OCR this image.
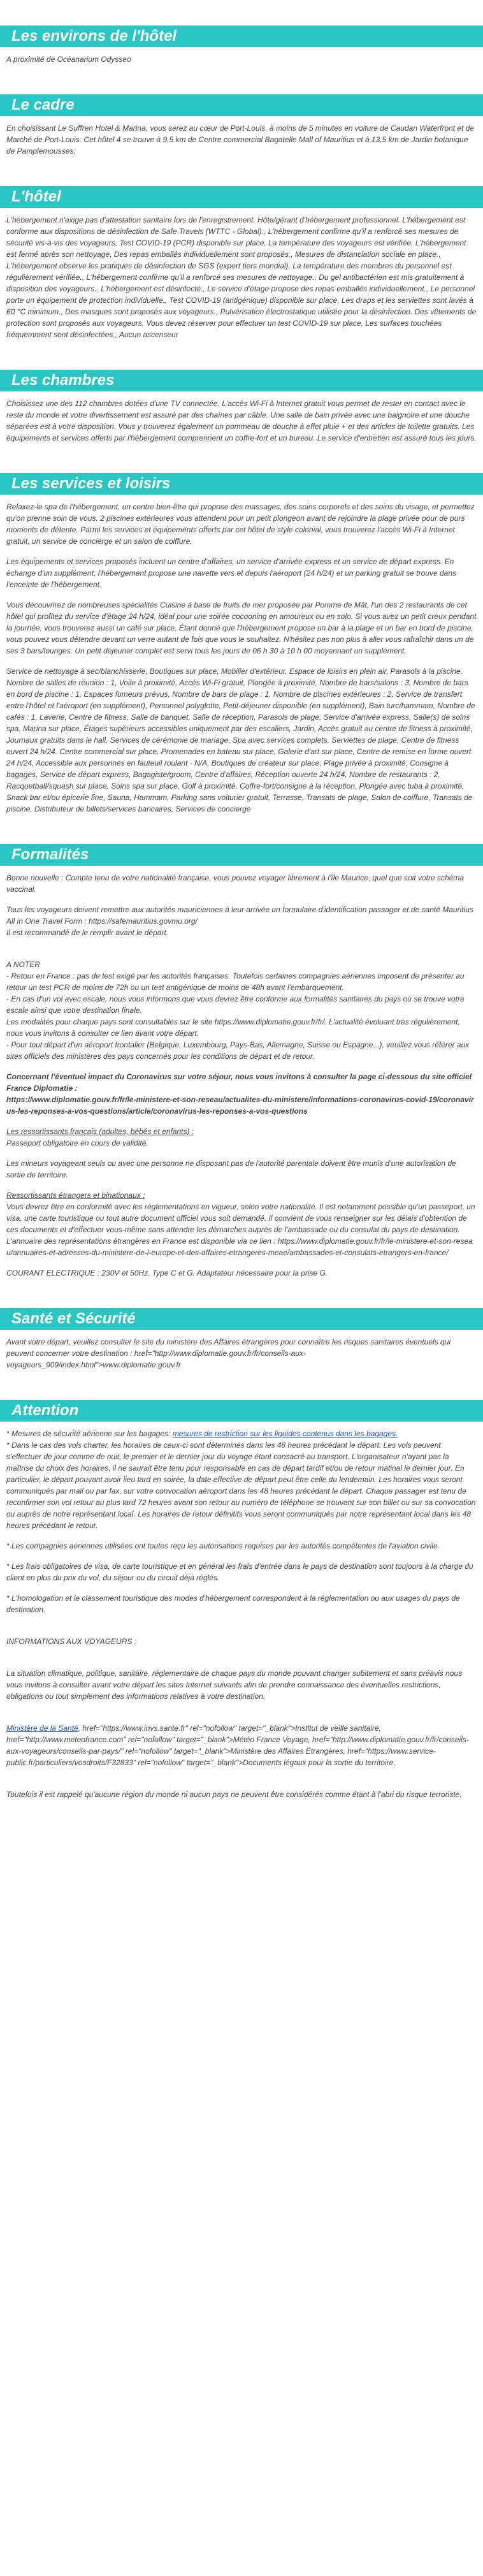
Les environs de l'hôtel
A proximité de Océanarium Odysseo
Le cadre
En choisissant Le Suffren Hotel & Marina, vous serez au cœur de Port-Louis, à moins de 5 minutes en voiture de Caudan Waterfront et de Marché de Port-Louis. Cet hôtel 4 se trouve à 9,5 km de Centre commercial Bagatelle Mall of Mauritius et à 13,5 km de Jardin botanique de Pamplemousses.
L'hôtel
L'hébergement n'exige pas d'attestation sanitaire lors de l'enregistrement. Hôte/gérant d'hébergement professionnel. L'hébergement est conforme aux dispositions de désinfection de Safe Travels (WTTC - Global)., L'hébergement confirme qu'il a renforcé ses mesures de sécurité vis-à-vis des voyageurs, Test COVID-19 (PCR) disponible sur place, La température des voyageurs est vérifiée, L'hébergement est fermé après son nettoyage, Des repas emballés individuellement sont proposés., Mesures de distanciation sociale en place., L'hébergement observe les pratiques de désinfection de SGS (expert tiers mondial). La température des membres du personnel est régulièrement vérifiée., L'hébergement confirme qu'il a renforcé ses mesures de nettoyage., Du gel antibactérien est mis gratuitement à disposition des voyageurs., L'hébergement est désinfecté., Le service d'étage propose des repas emballés individuellement., Le personnel porte un équipement de protection individuelle., Test COVID-19 (antigénique) disponible sur place, Les draps et les serviettes sont lavés à 60 °C minimum., Des masques sont proposés aux voyageurs., Pulvérisation électrostatique utilisée pour la désinfection. Des vêtements de protection sont proposés aux voyageurs, Vous devez réserver pour effectuer un test COVID-19 sur place, Les surfaces touchées fréquemment sont désinfectées., Aucun ascenseur
Les chambres
Choisissez une des 112 chambres dotées d'une TV connectée. L'accès Wi-Fi à Internet gratuit vous permet de rester en contact avec le reste du monde et votre divertissement est assuré par des chaînes par câble. Une salle de bain privée avec une baignoire et une douche séparées est à votre disposition. Vous y trouverez également un pommeau de douche à effet pluie + et des articles de toilette gratuits. Les équipements et services offerts par l'hébergement comprennent un coffre-fort et un bureau. Le service d'entretien est assuré tous les jours.
Les services et loisirs
Relaxez-le spa de l'hébergement, un centre bien-être qui propose des massages, des soins corporels et des soins du visage, et permettez qu'on prenne soin de vous. 2 piscines extérieures vous attendent pour un petit plongeon avant de rejoindre la plage privée pour de purs moments de détente. Parmi les services et équipements offerts par cet hôtel de style colonial, vous trouverez l'accès Wi-Fi à Internet gratuit, un service de concierge et un salon de coiffure.
Les équipements et services proposés incluent un centre d'affaires, un service d'arrivée express et un service de départ express. En échange d'un supplément, l'hébergement propose une navette vers et depuis l'aéroport (24 h/24) et un parking gratuit se trouve dans l'enceinte de l'hébergement.
Vous découvrirez de nombreuses spécialités Cuisine à base de fruits de mer proposée par Pomme de Mât, l'un des 2 restaurants de cet hôtel qui profitez du service d'étage 24 h/24, idéal pour une soirée cocooning en amoureux ou en solo. Si vous avez un petit creux pendant la journée, vous trouverez aussi un café sur place. Étant donné que l'hébergement propose un bar à la plage et un bar en bord de piscine, vous pouvez vous détendre devant un verre autant de fois que vous le souhaitez. N'hésitez pas non plus à aller vous rafraîchir dans un de ses 3 bars/lounges. Un petit déjeuner complet est servi tous les jours de 06 h 30 à 10 h 00 moyennant un supplément.
Service de nettoyage à sec/blanchisserie, Boutiques sur place, Mobilier d'extérieur, Espace de loisirs en plein air, Parasols à la piscine, Nombre de salles de réunion : 1, Voile à proximité, Accès Wi-Fi gratuit, Plongée à proximité, Nombre de bars/salons : 3, Nombre de bars en bord de piscine : 1, Espaces fumeurs prévus, Nombre de bars de plage : 1, Nombre de piscines extérieures : 2, Service de transfert entre l'hôtel et l'aéroport (en supplément), Personnel polyglotte, Petit-déjeuner disponible (en supplément), Bain turc/hammam, Nombre de cafés : 1, Laverie, Centre de fitness, Salle de banquet, Salle de réception, Parasols de plage, Service d'arrivée express, Salle(s) de soins spa, Marina sur place, Étages supérieurs accessibles uniquement par des escaliers, Jardin, Accès gratuit au centre de fitness à proximité, Journaux gratuits dans le hall, Services de cérémonie de mariage, Spa avec services complets, Serviettes de plage, Centre de fitness ouvert 24 h/24. Centre commercial sur place, Promenades en bateau sur place, Galerie d'art sur place, Centre de remise en forme ouvert 24 h/24, Accessible aux personnes en fauteuil roulant - N/A, Boutiques de créateur sur place, Plage privée à proximité, Consigne à bagages, Service de départ express, Bagagiste/groom, Centre d'affaires, Réception ouverte 24 h/24, Nombre de restaurants : 2, Racquetball/squash sur place, Soins spa sur place, Golf à proximité, Coffre-fort/consigne à la réception, Plongée avec tuba à proximité, Snack bar et/ou épicerie fine, Sauna, Hammam, Parking sans voiturier gratuit, Terrasse, Transats de plage, Salon de coiffure, Transats de piscine, Distributeur de billets/services bancaires, Services de concierge
Formalités
Bonne nouvelle : Compte tenu de votre nationalité française, vous pouvez voyager librement à l'île Maurice, quel que soit votre schéma vaccinal.
Tous les voyageurs doivent remettre aux autorités mauriciennes à leur arrivée un formulaire d'identification passager et de santé Mauritius All in One Travel Form : https://safemauritius.govmu.org/
Il est recommandé de le remplir avant le départ.
A NOTER
- Retour en France : pas de test exigé par les autorités françaises. Toutefois certaines compagnies aériennes imposent de présenter au retour un test PCR de moins de 72h ou un test antigénique de moins de 48h avant l'embarquement.
- En cas d'un vol avec escale, nous vous informons que vous devrez être conforme aux formalités sanitaires du pays où se trouve votre escale ainsi que votre destination finale.
Les modalités pour chaque pays sont consultables sur le site https://www.diplomatie.gouv.fr/fr/. L'actualité évoluant très régulièrement, nous vous invitons à consulter ce lien avant votre départ.
- Pour tout départ d'un aéroport frontalier (Belgique, Luxembourg, Pays-Bas, Allemagne, Suisse ou Espagne...), veuillez vous référer aux sites officiels des ministères des pays concernés pour les conditions de départ et de retour.
Concernant l'éventuel impact du Coronavirus sur votre séjour, nous vous invitons à consulter la page ci-dessous du site officiel France Diplomatie :
https://www.diplomatie.gouv.fr/fr/le-ministere-et-son-reseau/actualites-du-ministere/informations-coronavirus-covid-19/coronavirus-les-reponses-a-vos-questions/article/coronavirus-les-reponses-a-vos-questions
Les ressortissants français (adultes, bébés et enfants) :
Passeport obligatoire en cours de validité.
Les mineurs voyageant seuls ou avec une personne ne disposant pas de l'autorité parentale doivent être munis d'une autorisation de sortie de territoire.
Ressortissants étrangers et binationaux :
Vous devrez être en conformité avec les réglementations en vigueur, selon votre nationalité. Il est notamment possible qu'un passeport, un visa, une carte touristique ou tout autre document officiel vous soit demandé. Il convient de vous renseigner sur les délais d'obtention de ces documents et d'effectuer vous-même sans attendre les démarches auprès de l'ambassade ou du consulat du pays de destination.
L'annuaire des représentations étrangères en France est disponible via ce lien : https://www.diplomatie.gouv.fr/fr/le-ministere-et-son-reseau/annuaires-et-adresses-du-ministere-de-l-europe-et-des-affaires-etrangeres-meae/ambassades-et-consulats-etrangers-en-france/
COURANT ELECTRIQUE : 230V et 50Hz. Type C et G. Adaptateur nécessaire pour la prise G.
Santé et Sécurité
Avant votre départ, veuillez consulter le site du ministère des Affaires étrangères pour connaître les risques sanitaires éventuels qui peuvent concerner votre destination : href="http://www.diplomatie.gouv.fr/fr/conseils-aux-voyageurs_909/index.html">www.diplomatie.gouv.fr
Attention
* Mesures de sécurité aérienne sur les bagages: mesures de restriction sur les liquides contenus dans les bagages.
* Dans le cas des vols charter, les horaires de ceux-ci sont déterminés dans les 48 heures précédant le départ. Les vols peuvent s'effectuer de jour comme de nuit, le premier et le dernier jour du voyage étant consacré au transport. L'organisateur n'ayant pas la maîtrise du choix des horaires, il ne saurait être tenu pour responsable en cas de départ tardif et/ou de retour matinal le dernier jour. En particulier, le départ pouvant avoir lieu tard en soirée, la date effective de départ peut être celle du lendemain. Les horaires vous seront communiqués par mail ou par fax, sur votre convocation aéroport dans les 48 heures précédant le départ. Chaque passager est tenu de reconfirmer son vol retour au plus tard 72 heures avant son retour au numéro de téléphone se trouvant sur son billet ou sur sa convocation ou auprès de notre représentant local. Les horaires de retour définitifs vous seront communiqués par notre représentant local dans les 48 heures précédant le retour.
* Les compagnies aériennes utilisées ont toutes reçu les autorisations requises par les autorités compétentes de l'aviation civile.
* Les frais obligatoires de visa, de carte touristique et en général les frais d'entrée dans le pays de destination sont toujours à la charge du client en plus du prix du vol, du séjour ou du circuit déjà réglés.
* L'homologation et le classement touristique des modes d'hébergement correspondent à la réglementation ou aux usages du pays de destination.
INFORMATIONS AUX VOYAGEURS :
La situation climatique, politique, sanitaire, réglementaire de chaque pays du monde pouvant changer subitement et sans préavis nous vous invitons à consulter avant votre départ les sites Internet suivants afin de prendre connaissance des éventuelles restrictions, obligations ou tout simplement des informations relatives à votre destination.
Ministère de la Santé, href="https://www.invs.sante.fr" rel="nofollow" target="_blank">Institut de veille sanitaire, href="http://www.meteofrance.com" rel="nofollow" target="_blank">Météo France Voyage, href="http://www.diplomatie.gouv.fr/fr/conseils-aux-voyageurs/conseils-par-pays/" rel="nofollow" target="_blank">Ministère des Affaires Étrangères, href="https://www.service-public.fr/particuliers/vosdroits/F32833" rel="nofollow" target="_blank">Documents légaux pour la sortie du territoire.
Toutefois il est rappelé qu'aucune région du monde ni aucun pays ne peuvent être considérés comme étant à l'abri du risque terroriste.
